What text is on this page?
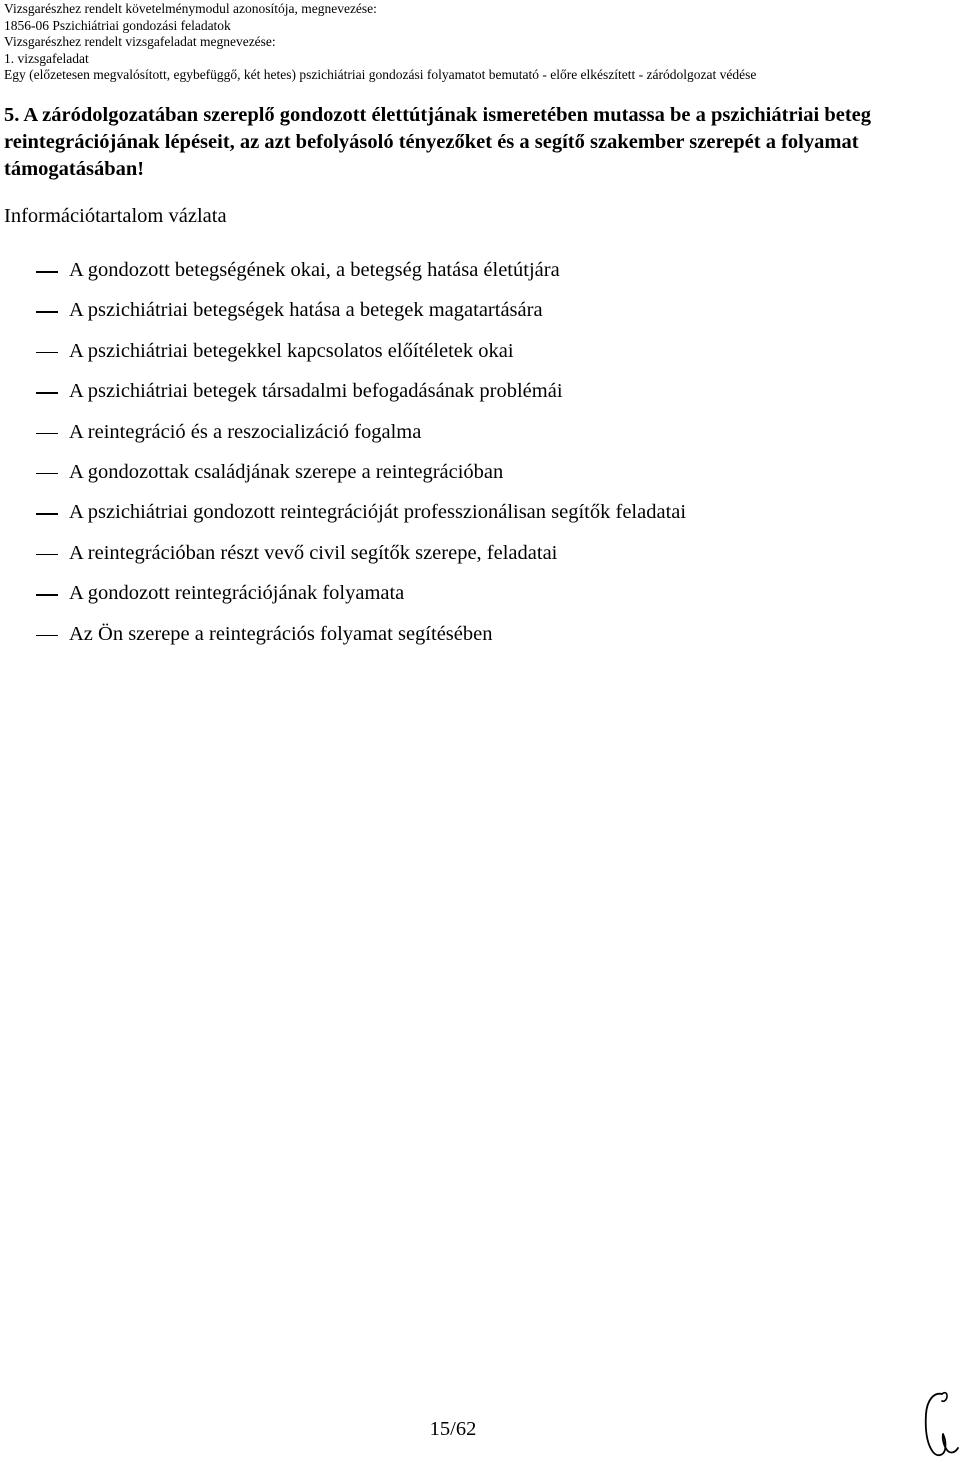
Vizsgarészhez rendelt követelménymodul azonosítója, megnevezése:
1856-06 Pszichiátriai gondozási feladatok
Vizsgarészhez rendelt vizsgafeladat megnevezése:
1. vizsgafeladat
Egy (előzetesen megvalósított, egybefüggő, két hetes) pszichiátriai gondozási folyamatot bemutató - előre elkészített - záródolgozat védése
5. A záródolgozatában szereplő gondozott élettútjának ismeretében mutassa be a pszichiátriai beteg reintegrációjának lépéseit, az azt befolyásoló tényezőket és a segítő szakember szerepét a folyamat támogatásában!
Információtartalom vázlata
A gondozott betegségének okai, a betegség hatása életútjára
A pszichiátriai betegségek hatása a betegek magatartására
A pszichiátriai betegekkel kapcsolatos előítéletek okai
A pszichiátriai betegek társadalmi befogadásának problémái
A reintegráció és a reszocializáció fogalma
A gondozottak családjának szerepe a reintegrációban
A pszichiátriai gondozott reintegrációját professzionálisan segítők feladatai
A reintegrációban részt vevő civil segítők szerepe, feladatai
A gondozott reintegrációjának folyamata
Az Ön szerepe a reintegrációs folyamat segítésében
15/62
